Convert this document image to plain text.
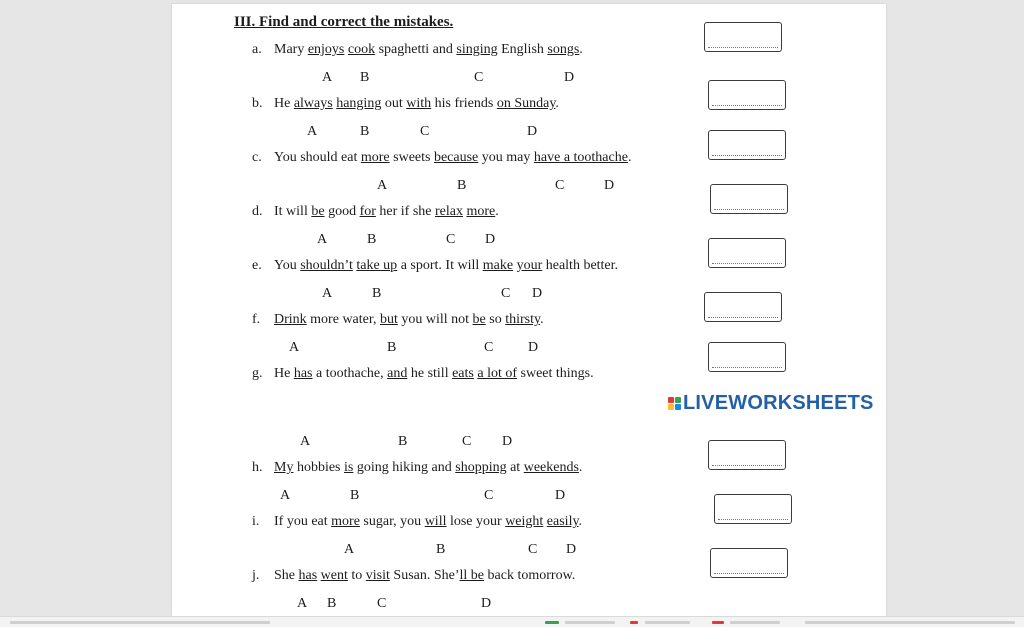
III. Find and correct the mistakes.
LIVEWORKSHEETS
a. Mary enjoys cook spaghetti and singing English songs.
A B	C	D
b. He always hanging out with his friends on Sunday.
A	B	C	D
c. You should eat more sweets because you may have a toothache.
A	B	C	D
d. It will be good for her if she relax more.
A	B	C D
e. You shouldn’t take up a sport. It will make your health better.
A	B	C D
f. Drink more water, but you will not be so thirsty.
A	B	C D
g. He has a toothache, and he still eats a lot of sweet things.
A	B	C D
h. My hobbies is going hiking and shopping at weekends.
A	B	C	D
i. If you eat more sugar, you will lose your weight easily.
A	B	C D
j. She has went to visit Susan. She’ll be back tomorrow.
A B	C	D
